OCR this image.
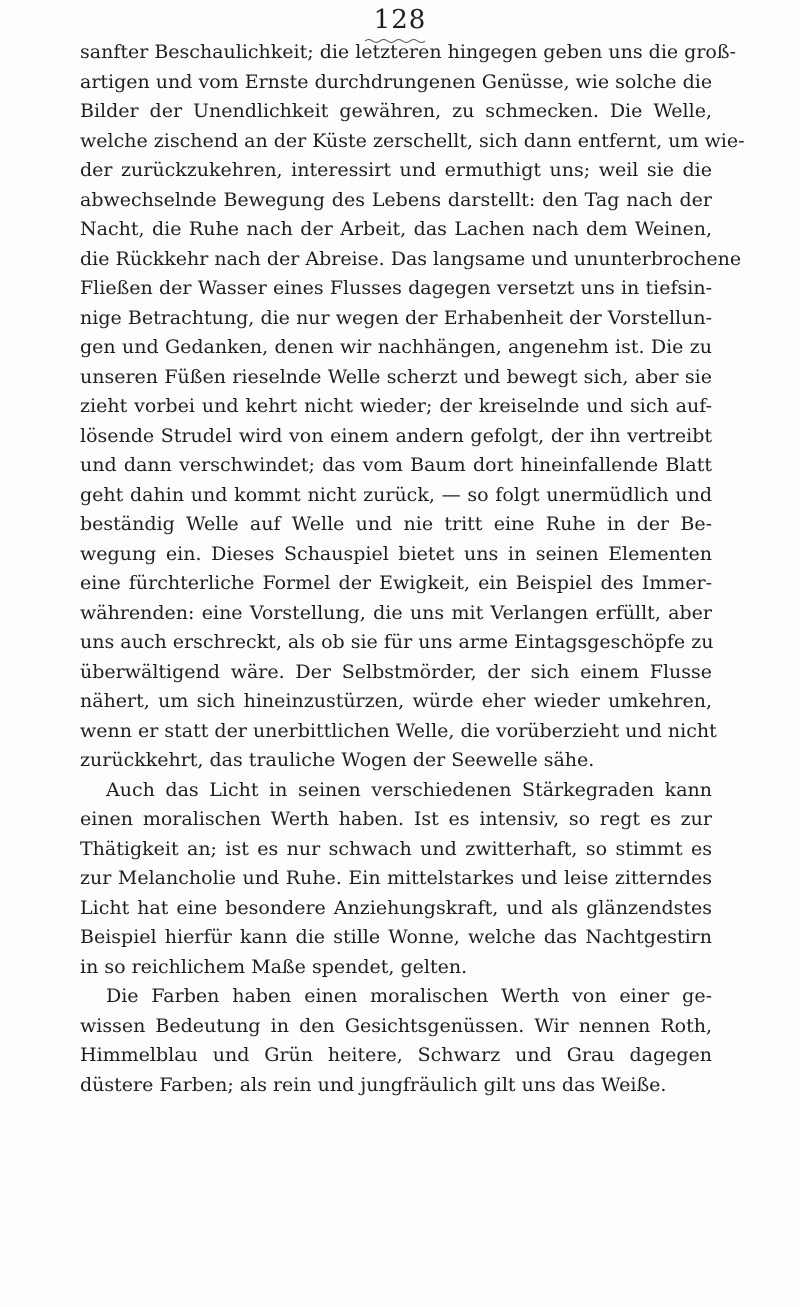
128
sanfter Beschaulichkeit; die letzteren hingegen geben uns die groß-
artigen und vom Ernste durchdrungenen Genüsse, wie solche die
Bilder der Unendlichkeit gewähren, zu schmecken. Die Welle,
welche zischend an der Küste zerschellt, sich dann entfernt, um wie-
der zurückzukehren, interessirt und ermuthigt uns; weil sie die
abwechselnde Bewegung des Lebens darstellt: den Tag nach der
Nacht, die Ruhe nach der Arbeit, das Lachen nach dem Weinen,
die Rückkehr nach der Abreise. Das langsame und ununterbrochene
Fließen der Wasser eines Flusses dagegen versetzt uns in tiefsin-
nige Betrachtung, die nur wegen der Erhabenheit der Vorstellun-
gen und Gedanken, denen wir nachhängen, angenehm ist. Die zu
unseren Füßen rieselnde Welle scherzt und bewegt sich, aber sie
zieht vorbei und kehrt nicht wieder; der kreiselnde und sich auf-
lösende Strudel wird von einem andern gefolgt, der ihn vertreibt
und dann verschwindet; das vom Baum dort hineinfallende Blatt
geht dahin und kommt nicht zurück, — so folgt unermüdlich und
beständig Welle auf Welle und nie tritt eine Ruhe in der Be-
wegung ein. Dieses Schauspiel bietet uns in seinen Elementen
eine fürchterliche Formel der Ewigkeit, ein Beispiel des Immer-
währenden: eine Vorstellung, die uns mit Verlangen erfüllt, aber
uns auch erschreckt, als ob sie für uns arme Eintagsgeschöpfe zu
überwältigend wäre. Der Selbstmörder, der sich einem Flusse
nähert, um sich hineinzustürzen, würde eher wieder umkehren,
wenn er statt der unerbittlichen Welle, die vorüberzieht und nicht
zurückkehrt, das trauliche Wogen der Seewelle sähe.
Auch das Licht in seinen verschiedenen Stärkegraden kann
einen moralischen Werth haben. Ist es intensiv, so regt es zur
Thätigkeit an; ist es nur schwach und zwitterhaft, so stimmt es
zur Melancholie und Ruhe. Ein mittelstarkes und leise zitterndes
Licht hat eine besondere Anziehungskraft, und als glänzendstes
Beispiel hierfür kann die stille Wonne, welche das Nachtgestirn
in so reichlichem Maße spendet, gelten.
Die Farben haben einen moralischen Werth von einer ge-
wissen Bedeutung in den Gesichtsgenüssen. Wir nennen Roth,
Himmelblau und Grün heitere, Schwarz und Grau dagegen
düstere Farben; als rein und jungfräulich gilt uns das Weiße.
